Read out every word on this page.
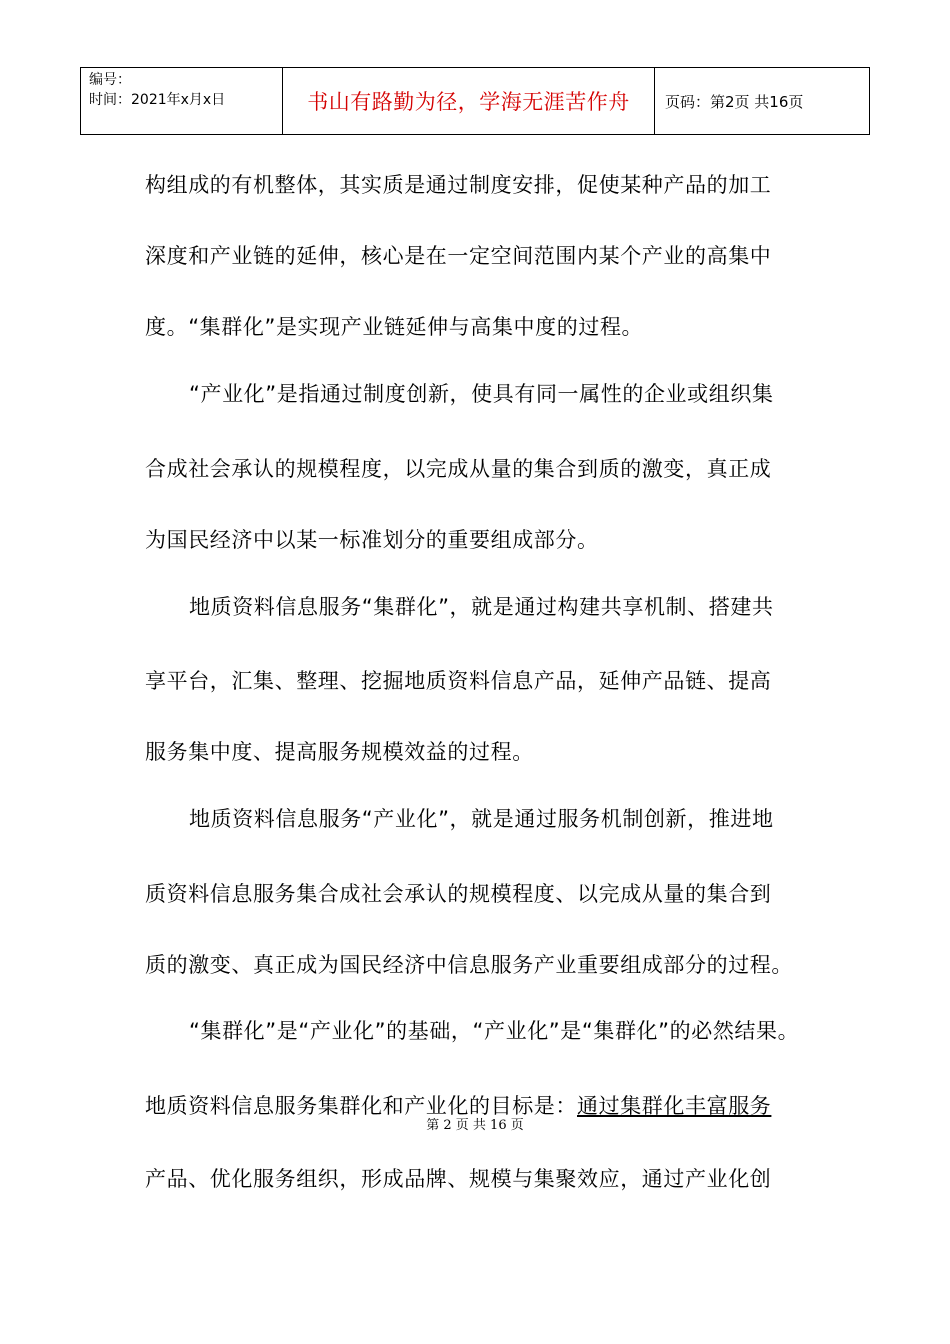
编号：
时间：2021年x月x日	书山有路勤为径，学海无涯苦作舟	页码：第2页 共16页
构组成的有机整体，其实质是通过制度安排，促使某种产品的加工
深度和产业链的延伸，核心是在一定空间范围内某个产业的高集中
度。“集群化”是实现产业链延伸与高集中度的过程。
“产业化”是指通过制度创新，使具有同一属性的企业或组织集
合成社会承认的规模程度，以完成从量的集合到质的激变，真正成
为国民经济中以某一标准划分的重要组成部分。
地质资料信息服务“集群化”，就是通过构建共享机制、搭建共
享平台，汇集、整理、挖掘地质资料信息产品，延伸产品链、提高
服务集中度、提高服务规模效益的过程。
地质资料信息服务“产业化”，就是通过服务机制创新，推进地
质资料信息服务集合成社会承认的规模程度、以完成从量的集合到
质的激变、真正成为国民经济中信息服务产业重要组成部分的过程。
“集群化”是“产业化”的基础，“产业化”是“集群化”的必然结果。
地质资料信息服务集群化和产业化的目标是：通过集群化丰富服务
产品、优化服务组织，形成品牌、规模与集聚效应，通过产业化创
第 2 页 共 16 页
